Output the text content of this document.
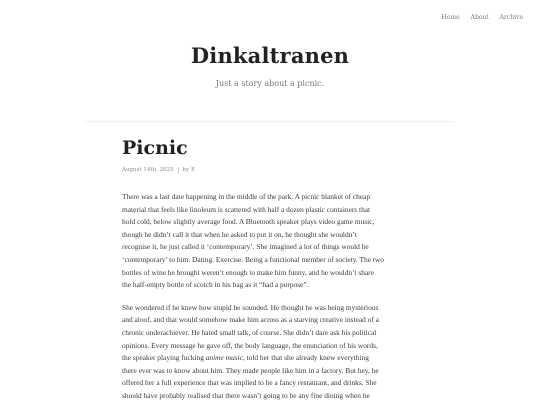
Home About Archive
Dinkaltranen
Just a story about a picnic.
Picnic
August 14th, 2025 by E

There was a last date happening in the middle of the park. A picnic blanket of cheap
material that feels like linoleum is scattered with half a dozen plastic containers that
hold cold, below slightly average food. A Bluetooth speaker plays video game music,
though he didn’t call it that when he asked to put it on, he thought she wouldn’t
recognise it, he just called it ‘contemporary’. She imagined a lot of things would be
‘contemporary’ to him. Dating. Exercise. Being a functional member of society. The two
bottles of wine he brought weren’t enough to make him funny, and he wouldn’t share
the half-empty bottle of scotch in his bag as it “had a purpose”.

She wondered if he knew how stupid he sounded. He thought he was being mysterious
and aloof, and that would somehow make him across as a starving creative instead of a
chronic underachiever. He hated small talk, of course. She didn’t dare ask his political
opinions. Every message he gave off, the body language, the enunciation of his words,
the speaker playing fucking anime music, told her that she already knew everything
there ever was to know about him. They made people like him in a factory. But hey, he
offered her a full experience that was implied to be a fancy restaurant, and drinks. She
should have probably realised that there wasn’t going to be any fine dining when he
